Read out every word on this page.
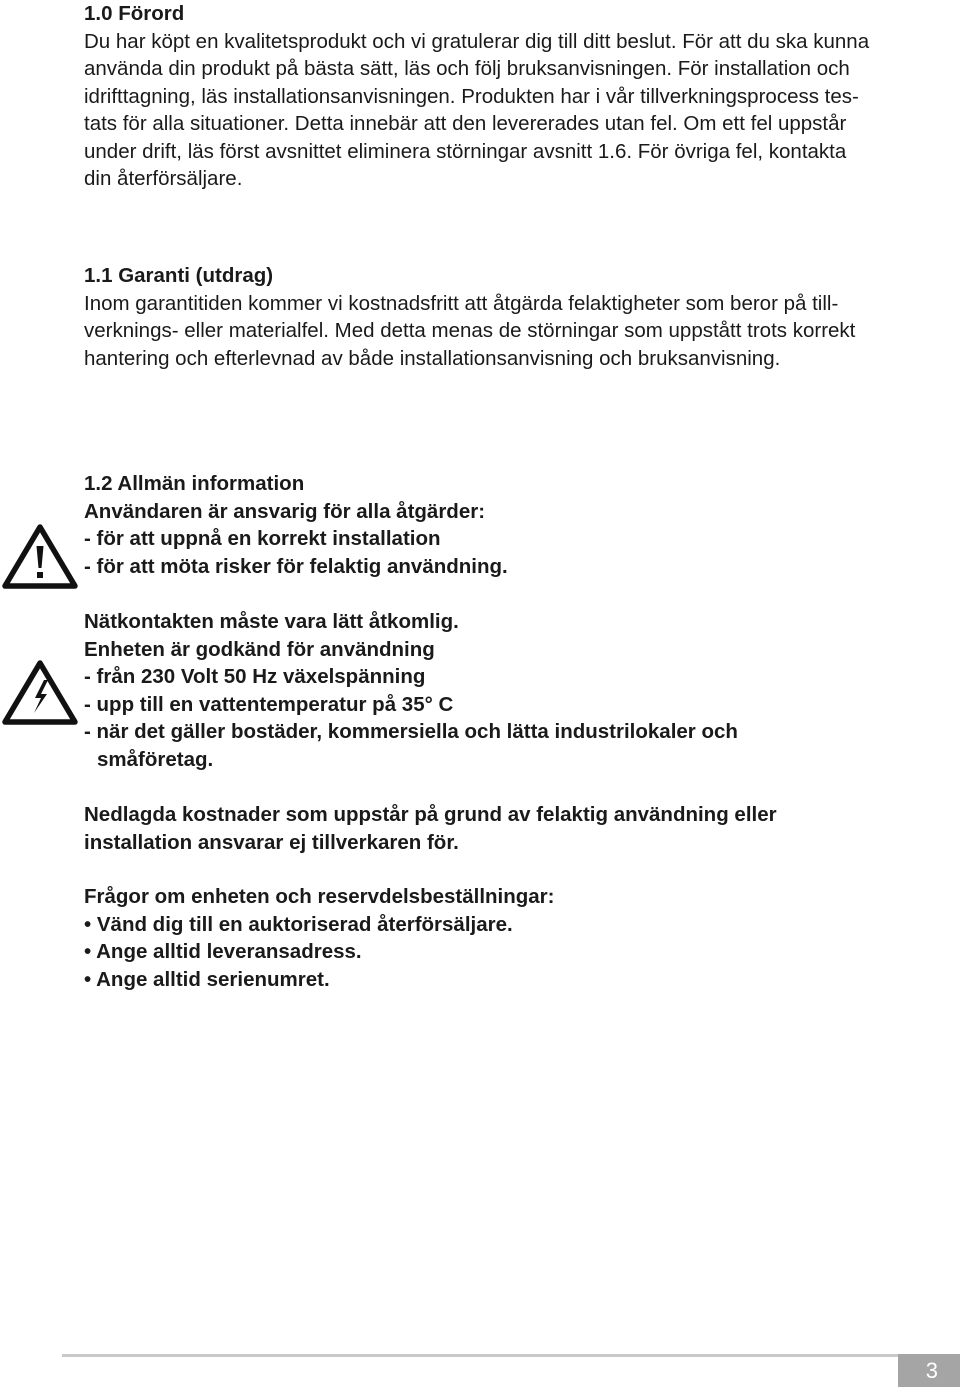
1.0 Förord
Du har köpt en kvalitetsprodukt och vi gratulerar dig till ditt beslut. För att du ska kunna
använda din produkt på bästa sätt, läs och följ bruksanvisningen. För installation och
idrifttagning, läs installationsanvisningen. Produkten har i vår tillverkningsprocess tes-
tats för alla situationer. Detta innebär att den levererades utan fel. Om ett fel uppstår
under drift, läs först avsnittet eliminera störningar avsnitt 1.6. För övriga fel, kontakta
din återförsäljare.
1.1 Garanti (utdrag)
Inom garantitiden kommer vi kostnadsfritt att åtgärda felaktigheter som beror på till-
verknings- eller materialfel. Med detta menas de störningar som uppstått trots korrekt
hantering och efterlevnad av både installationsanvisning och bruksanvisning.
1.2 Allmän information
Användaren är ansvarig för alla åtgärder:
- för att uppnå en korrekt installation
- för att möta risker för felaktig användning.
Nätkontakten måste vara lätt åtkomlig.
Enheten är godkänd för användning
- från 230 Volt 50 Hz växelspänning
- upp till en vattentemperatur på 35° C
- när det gäller bostäder, kommersiella och lätta industrilokaler och
småföretag.
Nedlagda kostnader som uppstår på grund av felaktig användning eller
installation ansvarar ej tillverkaren för.
Frågor om enheten och reservdelsbeställningar:
• Vänd dig till en auktoriserad återförsäljare.
• Ange alltid leveransadress.
• Ange alltid serienumret.
3
